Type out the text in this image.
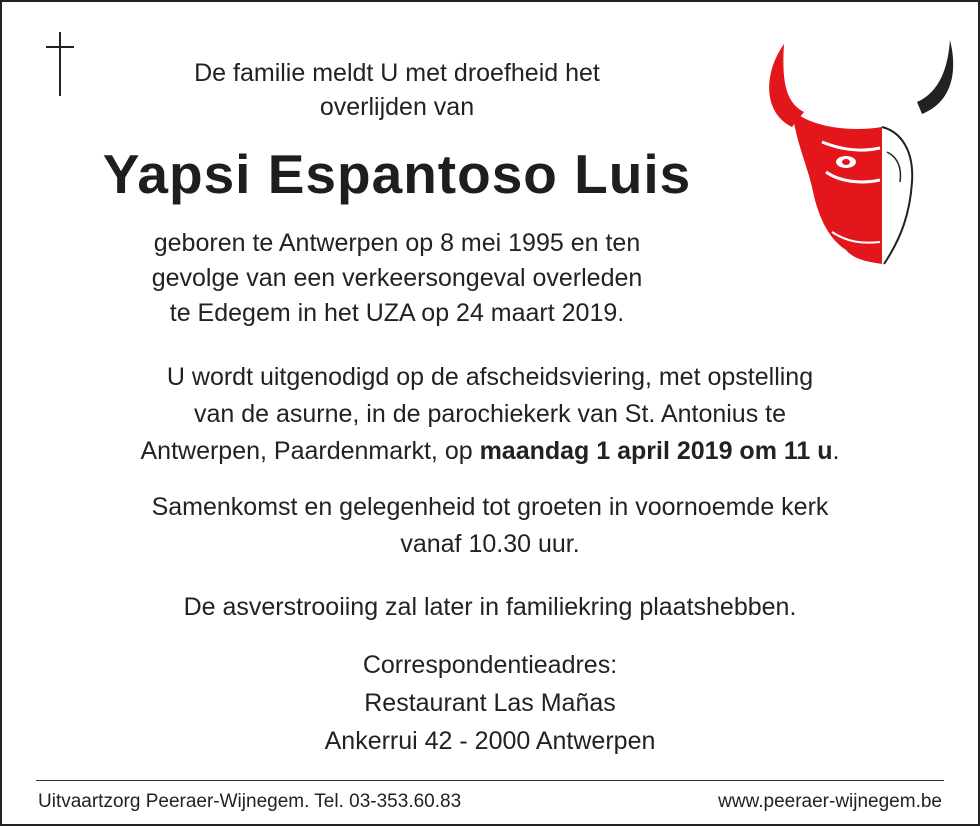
De familie meldt U met droefheid het
overlijden van
Yapsi Espantoso Luis
geboren te Antwerpen op 8 mei 1995 en ten
gevolge van een verkeersongeval overleden
te Edegem in het UZA op 24 maart 2019.
U wordt uitgenodigd op de afscheidsviering, met opstelling
van de asurne, in de parochiekerk van St. Antonius te
Antwerpen, Paardenmarkt, op maandag 1 april 2019 om 11 u.
Samenkomst en gelegenheid tot groeten in voornoemde kerk
vanaf 10.30 uur.
De asverstrooiing zal later in familiekring plaatshebben.
Correspondentieadres:
Restaurant Las Mañas
Ankerrui 42 - 2000 Antwerpen
Uitvaartzorg Peeraer-Wijnegem. Tel. 03-353.60.83	www.peeraer-wijnegem.be
